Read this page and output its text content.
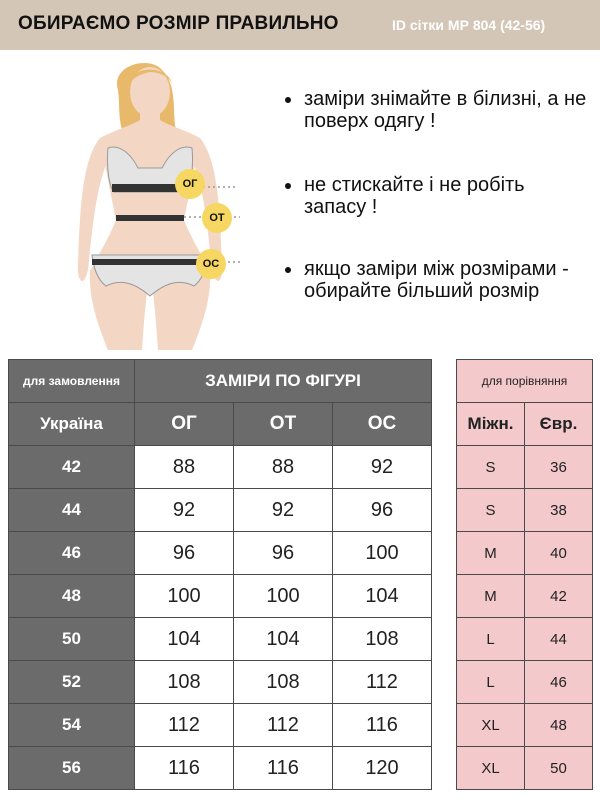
ОБИРАЄМО РОЗМІР ПРАВИЛЬНО	ID сітки МР 804 (42-56)
ОГ
ОТ
ОС
заміри знімайте в білизні, а не поверх одягу !
не стискайте і не робіть запасу !
якщо заміри між розмірами - обирайте більший розмір
для замовлення	ЗАМІРИ ПО ФІГУРІ		
Україна	ОГ	ОТ	ОС
42	88	88	92
44	92	92	96
46	96	96	100
48	100	100	104
50	104	104	108
52	108	108	112
54	112	112	116
56	116	116	120
для порівняння	
Міжн.	Євр.
S	36
S	38
M	40
M	42
L	44
L	46
XL	48
XL	50
